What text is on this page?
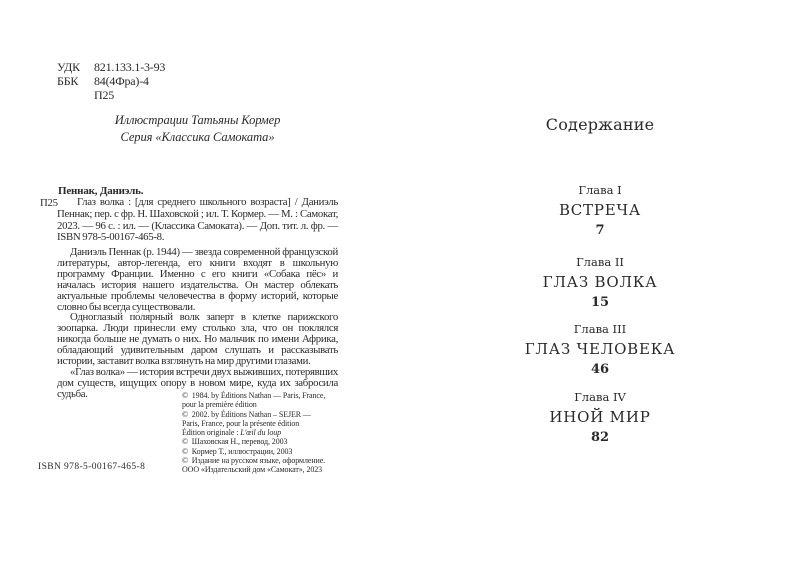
УДК 821.133.1-3-93
ББК 84(4Фра)-4
П25
Иллюстрации Татьяны Кормер
Серия «Классика Самоката»
Пеннак, Даниэль.
П25	Глаз волка : [для среднего школьного возраста] / Даниэль Пеннак; пер. с фр. Н. Шаховской ; ил. Т. Кормер. — М. : Самокат, 2023. — 96 с. : ил. — (Классика Самоката). — Доп. тит. л. фр. — ISBN 978-5-00167-465-8.

Даниэль Пеннак (р. 1944) — звезда современной французской литературы, автор-легенда, его книги входят в школьную программу Франции. Именно с его книги «Собака пёс» и началась история нашего издательства. Он мастер облекать актуальные проблемы человечества в форму историй, которые словно бы всегда существовали.

Одноглазый полярный волк заперт в клетке парижского зоопарка. Люди принесли ему столько зла, что он поклялся никогда больше не думать о них. Но мальчик по имени Африка, обладающий удивительным даром слушать и рассказывать истории, заставит волка взглянуть на мир другими глазами.

«Глаз волка» — история встречи двух выживших, потерявших дом существ, ищущих опору в новом мире, куда их забросила судьба.	©  1984. by Éditions Nathan — Paris, France,
pour la première édition
©  2002. by Éditions Nathan – SEJER —
Paris, France, pour la présente édition
Édition originale : L'œil du loup
©  Шаховская Н., перевод, 2003
©  Кормер Т., иллюстрации, 2003
©  Издание на русском языке, оформление.
ООО «Издательский дом «Самокат», 2023
ISBN 978-5-00167-465-8
Содержание
Глава I
ВСТРЕЧА
7
Глава II
ГЛАЗ ВОЛКА
15
Глава III
ГЛАЗ ЧЕЛОВЕКА
46
Глава IV
ИНОЙ МИР
82
